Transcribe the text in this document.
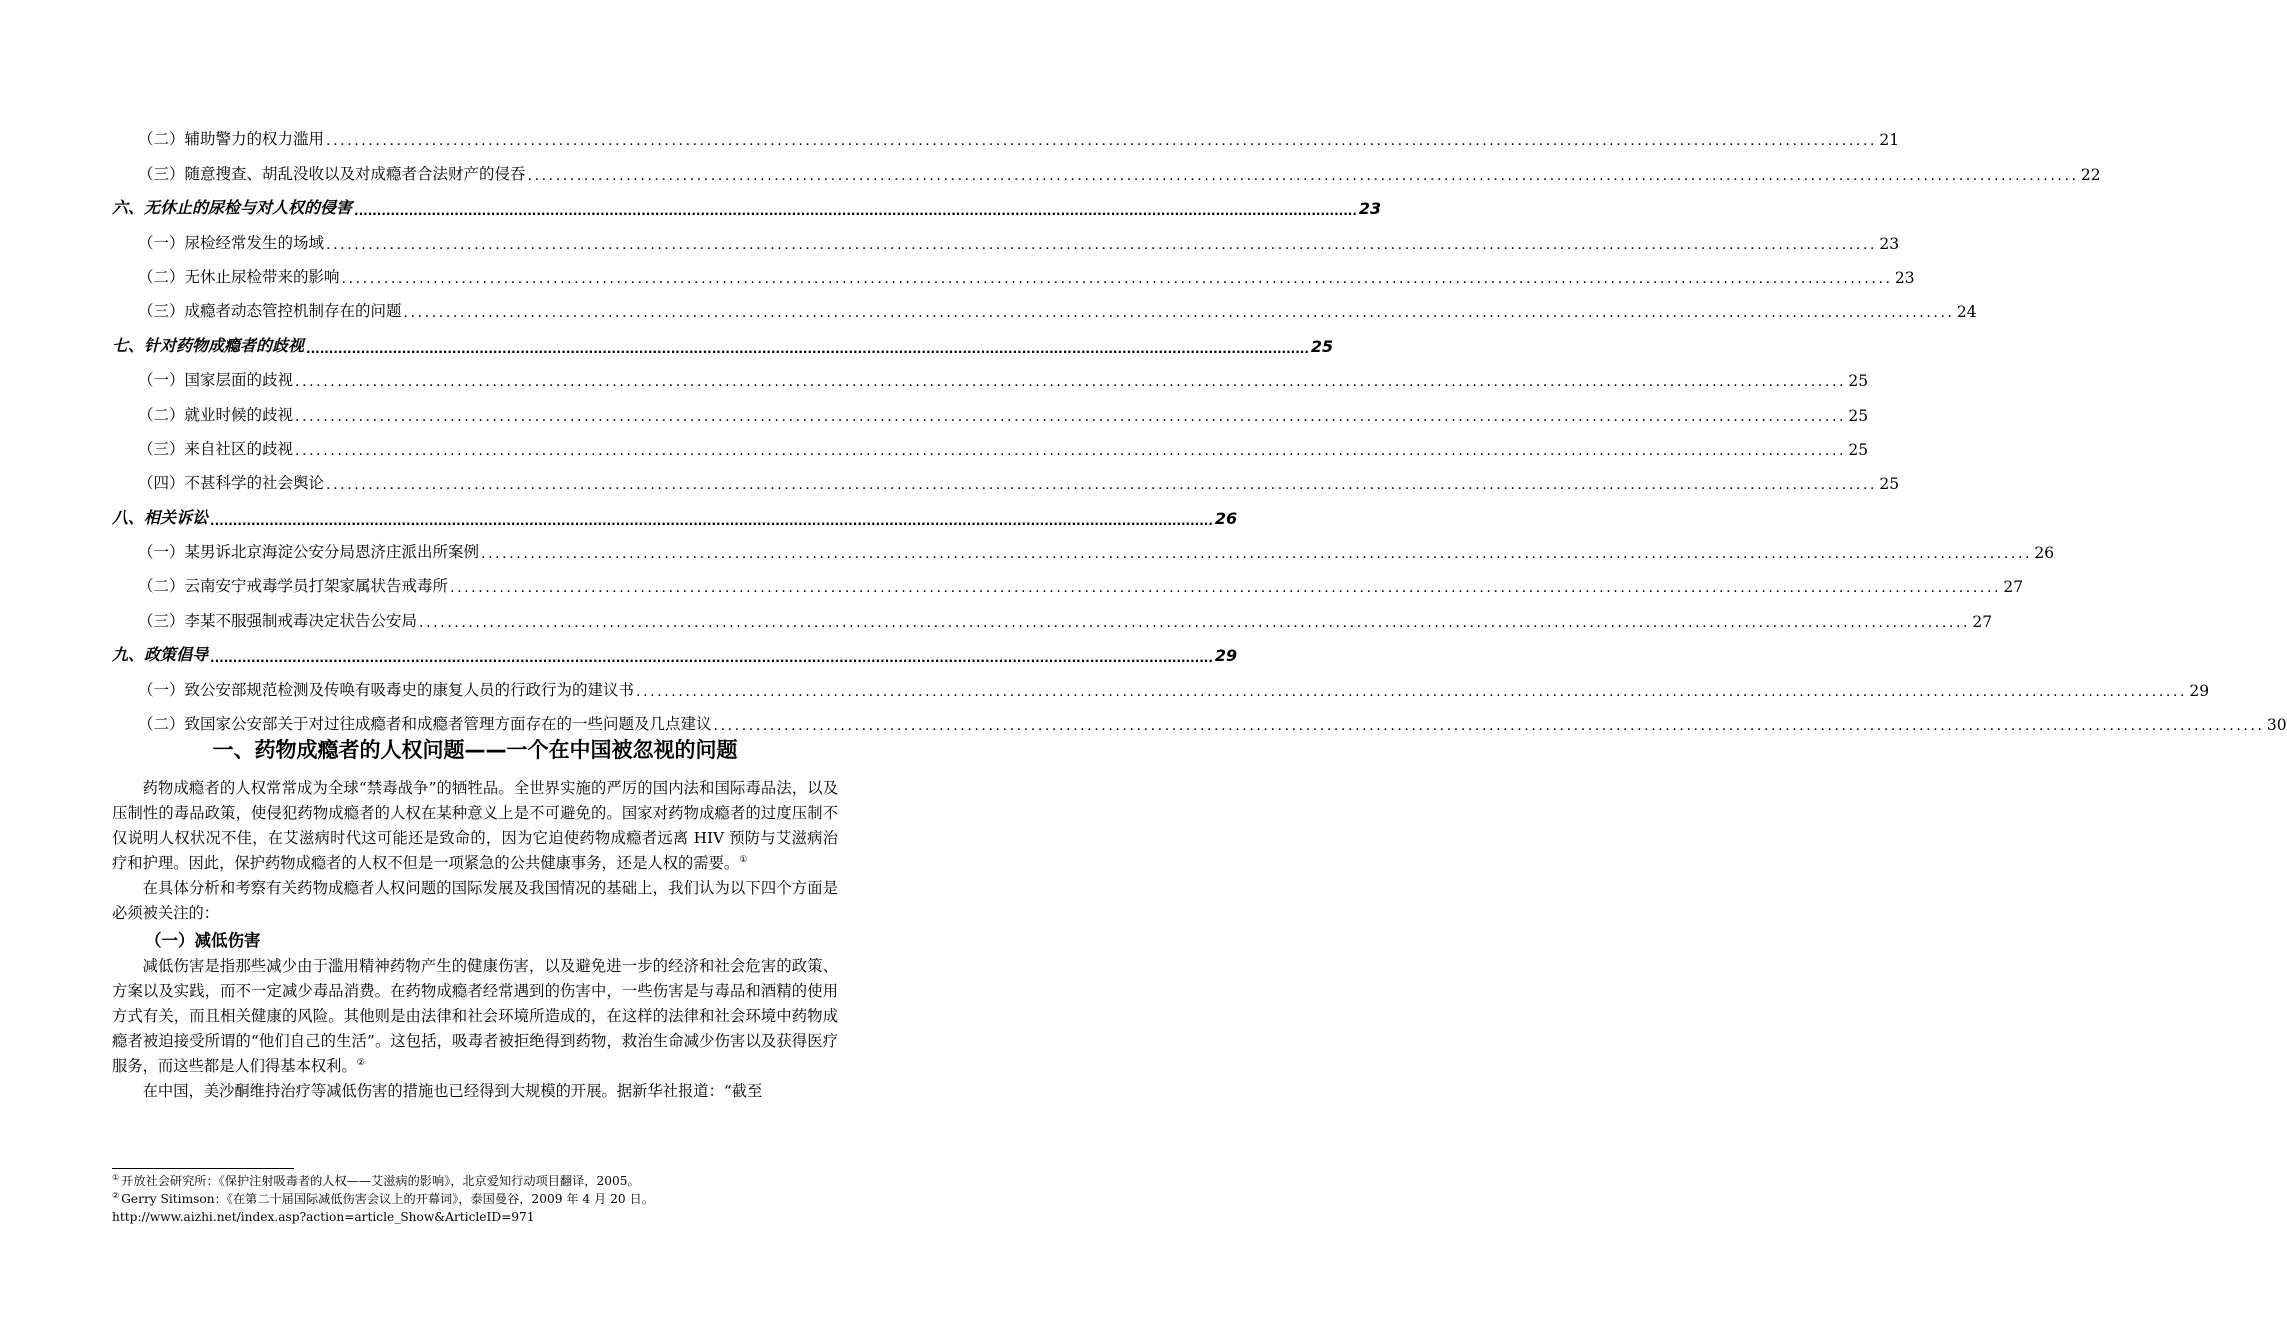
（二）辅助警力的权力滥用 ............................................................................................................................................................................................................................ 21
（三）随意搜查、胡乱没收以及对成瘾者合法财产的侵吞 ............................................................................................................................................................................................................................ 22
六、无休止的尿检与对人权的侵害 ............................................................................................................................................................................................................................ 23
（一）尿检经常发生的场域 ............................................................................................................................................................................................................................ 23
（二）无休止尿检带来的影响 ............................................................................................................................................................................................................................ 23
（三）成瘾者动态管控机制存在的问题 ............................................................................................................................................................................................................................ 24
七、针对药物成瘾者的歧视 ............................................................................................................................................................................................................................ 25
（一）国家层面的歧视 ............................................................................................................................................................................................................................ 25
（二）就业时候的歧视 ............................................................................................................................................................................................................................ 25
（三）来自社区的歧视 ............................................................................................................................................................................................................................ 25
（四）不甚科学的社会舆论 ............................................................................................................................................................................................................................ 25
八、相关诉讼 ............................................................................................................................................................................................................................ 26
（一）某男诉北京海淀公安分局恩济庄派出所案例 ............................................................................................................................................................................................................................ 26
（二）云南安宁戒毒学员打架家属状告戒毒所 ............................................................................................................................................................................................................................ 27
（三）李某不服强制戒毒决定状告公安局 ............................................................................................................................................................................................................................ 27
九、政策倡导 ............................................................................................................................................................................................................................ 29
（一）致公安部规范检测及传唤有吸毒史的康复人员的行政行为的建议书 ............................................................................................................................................................................................................................ 29
（二）致国家公安部关于对过往成瘾者和成瘾者管理方面存在的一些问题及几点建议 ............................................................................................................................................................................................................................ 30
一、药物成瘾者的人权问题——一个在中国被忽视的问题

药物成瘾者的人权常常成为全球“禁毒战争”的牺牲品。全世界实施的严厉的国内法和国际毒品法，以及压制性的毒品政策，使侵犯药物成瘾者的人权在某种意义上是不可避免的。国家对药物成瘾者的过度压制不仅说明人权状况不佳，在艾滋病时代这可能还是致命的，因为它迫使药物成瘾者远离 HIV 预防与艾滋病治疗和护理。因此，保护药物成瘾者的人权不但是一项紧急的公共健康事务，还是人权的需要。①

在具体分析和考察有关药物成瘾者人权问题的国际发展及我国情况的基础上，我们认为以下四个方面是必须被关注的：

（一）减低伤害

减低伤害是指那些减少由于滥用精神药物产生的健康伤害，以及避免进一步的经济和社会危害的政策、方案以及实践，而不一定减少毒品消费。在药物成瘾者经常遇到的伤害中，一些伤害是与毒品和酒精的使用方式有关，而且相关健康的风险。其他则是由法律和社会环境所造成的，在这样的法律和社会环境中药物成瘾者被迫接受所谓的“他们自己的生活”。这包括，吸毒者被拒绝得到药物，救治生命减少伤害以及获得医疗服务，而这些都是人们得基本权利。②

在中国，美沙酮维持治疗等减低伤害的措施也已经得到大规模的开展。据新华社报道：“截至

① 开放社会研究所：《保护注射吸毒者的人权——艾滋病的影响》，北京爱知行动项目翻译，2005。

② Gerry Sitimson：《在第二十届国际减低伤害会议上的开幕词》，泰国曼谷，2009 年 4 月 20 日。

http://www.aizhi.net/index.asp?action=article_Show&ArticleID=971
